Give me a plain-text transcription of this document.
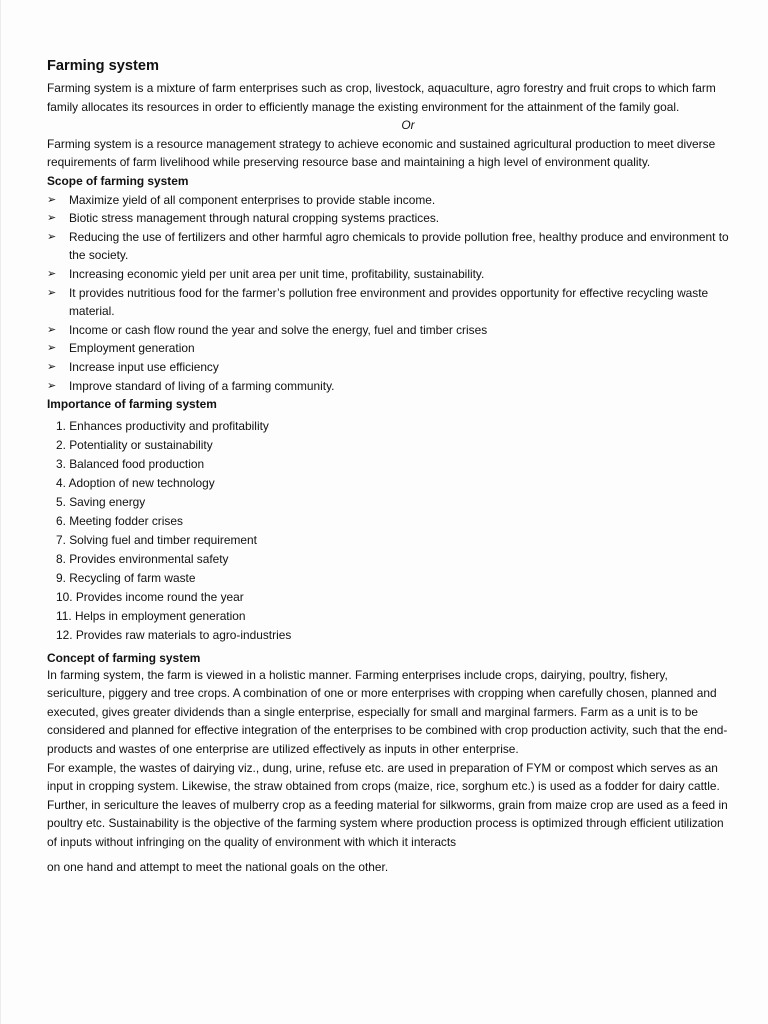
Farming system

Farming system is a mixture of farm enterprises such as crop, livestock, aquaculture, agro forestry and fruit crops to which farm family allocates its resources in order to efficiently manage the existing environment for the attainment of the family goal.

Or

Farming system is a resource management strategy to achieve economic and sustained agricultural production to meet diverse requirements of farm livelihood while preserving resource base and maintaining a high level of environment quality.

Scope of farming system
➢ Maximize yield of all component enterprises to provide stable income.
➢ Biotic stress management through natural cropping systems practices.
➢ Reducing the use of fertilizers and other harmful agro chemicals to provide pollution free, healthy produce and environment to the society.
➢ Increasing economic yield per unit area per unit time, profitability, sustainability.
➢ It provides nutritious food for the farmer’s pollution free environment and provides opportunity for effective recycling waste material.
➢ Income or cash flow round the year and solve the energy, fuel and timber crises
➢ Employment generation
➢ Increase input use efficiency
➢ Improve standard of living of a farming community.
Importance of farming system
1. Enhances productivity and profitability
2. Potentiality or sustainability
3. Balanced food production
4. Adoption of new technology
5. Saving energy
6. Meeting fodder crises
7. Solving fuel and timber requirement
8. Provides environmental safety
9. Recycling of farm waste
10. Provides income round the year
11. Helps in employment generation
12. Provides raw materials to agro-industries
Concept of farming system

In farming system, the farm is viewed in a holistic manner. Farming enterprises include crops, dairying, poultry, fishery, sericulture, piggery and tree crops. A combination of one or more enterprises with cropping when carefully chosen, planned and executed, gives greater dividends than a single enterprise, especially for small and marginal farmers. Farm as a unit is to be considered and planned for effective integration of the enterprises to be combined with crop production activity, such that the end-products and wastes of one enterprise are utilized effectively as inputs in other enterprise.

For example, the wastes of dairying viz., dung, urine, refuse etc. are used in preparation of FYM or compost which serves as an input in cropping system. Likewise, the straw obtained from crops (maize, rice, sorghum etc.) is used as a fodder for dairy cattle. Further, in sericulture the leaves of mulberry crop as a feeding material for silkworms, grain from maize crop are used as a feed in poultry etc. Sustainability is the objective of the farming system where production process is optimized through efficient utilization of inputs without infringing on the quality of environment with which it interacts

on one hand and attempt to meet the national goals on the other.
